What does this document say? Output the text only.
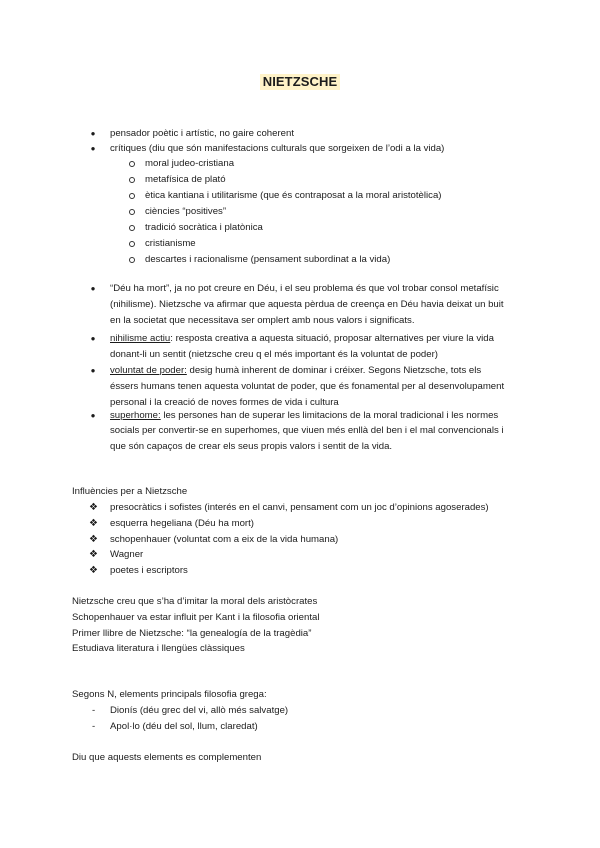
NIETZSCHE
● pensador poètic i artístic, no gaire coherent
● crítiques (diu que són manifestacions culturals que sorgeixen de l’odi a la vida)
moral judeo-cristiana
metafísica de plató
ètica kantiana i utilitarisme (que és contraposat a la moral aristotèlica)
ciències “positives”
tradició socràtica i platònica
cristianisme
descartes i racionalisme (pensament subordinat a la vida)
● “Déu ha mort”, ja no pot creure en Déu, i el seu problema és que vol trobar consol metafísic
(nihilisme). Nietzsche va afirmar que aquesta pèrdua de creença en Déu havia deixat un buit
en la societat que necessitava ser omplert amb nous valors i significats.
● nihilisme actiu: resposta creativa a aquesta situació, proposar alternatives per viure la vida
donant-li un sentit (nietzsche creu q el més important és la voluntat de poder)
● voluntat de poder: desig humà inherent de dominar i créixer. Segons Nietzsche, tots els
éssers humans tenen aquesta voluntat de poder, que és fonamental per al desenvolupament
personal i la creació de noves formes de vida i cultura
● superhome: les persones han de superar les limitacions de la moral tradicional i les normes
socials per convertir-se en superhomes, que viuen més enllà del ben i el mal convencionals i
que són capaços de crear els seus propis valors i sentit de la vida.
Influències per a Nietzsche
❖ presocràtics i sofistes (interés en el canvi, pensament com un joc d’opinions agoserades)
❖ esquerra hegeliana (Déu ha mort)
❖ schopenhauer (voluntat com a eix de la vida humana)
❖ Wagner
❖ poetes i escriptors
Nietzsche creu que s’ha d’imitar la moral dels aristòcrates
Schopenhauer va estar influit per Kant i la filosofia oriental
Primer llibre de Nietzsche: “la genealogía de la tragèdia”
Estudiava literatura i llengües clàssiques
Segons N, elements principals filosofia grega:
- Dionís (déu grec del vi, allò més salvatge)
- Apol·lo (déu del sol, llum, claredat)
Diu que aquests elements es complementen
